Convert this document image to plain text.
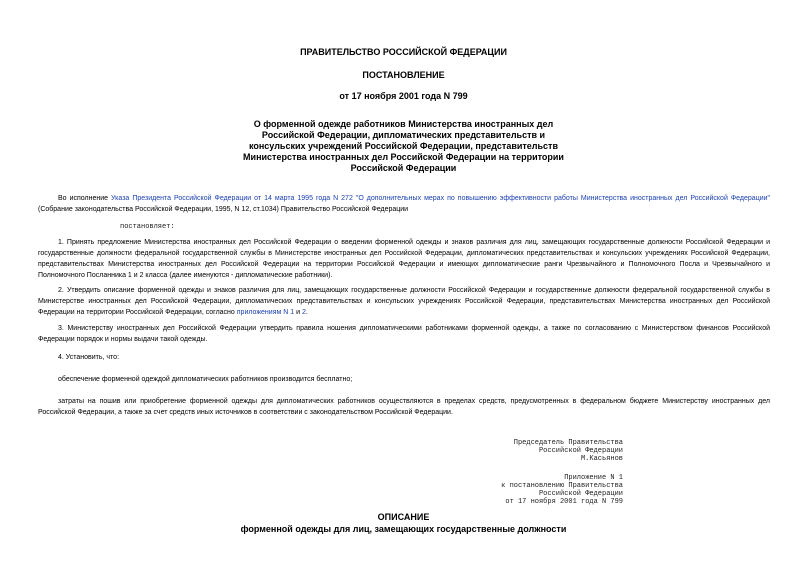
ПРАВИТЕЛЬСТВО РОССИЙСКОЙ ФЕДЕРАЦИИ
ПОСТАНОВЛЕНИЕ
от 17 ноября 2001 года N 799
О форменной одежде работников Министерства иностранных дел
Российской Федерации, дипломатических представительств и
консульских учреждений Российской Федерации, представительств
Министерства иностранных дел Российской Федерации на территории
Российской Федерации
Во исполнение Указа Президента Российской Федерации от 14 марта 1995 года N 272 "О дополнительных мерах по повышению эффективности работы Министерства иностранных дел Российской Федерации" (Собрание законодательства Российской Федерации, 1995, N 12, ст.1034) Правительство Российской Федерации
постановляет:
1. Принять предложение Министерства иностранных дел Российской Федерации о введении форменной одежды и знаков различия для лиц, замещающих государственные должности Российской Федерации и государственные должности федеральной государственной службы в Министерстве иностранных дел Российской Федерации, дипломатических представительствах и консульских учреждениях Российской Федерации, представительствах Министерства иностранных дел Российской Федерации на территории Российской Федерации и имеющих дипломатические ранги Чрезвычайного и Полномочного Посла и Чрезвычайного и Полномочного Посланника 1 и 2 класса (далее именуются - дипломатические работники).
2. Утвердить описание форменной одежды и знаков различия для лиц, замещающих государственные должности Российской Федерации и государственные должности федеральной государственной службы в Министерстве иностранных дел Российской Федерации, дипломатических представительствах и консульских учреждениях Российской Федерации, представительствах Министерства иностранных дел Российской Федерации на территории Российской Федерации, согласно приложениям N 1 и 2.
3. Министерству иностранных дел Российской Федерации утвердить правила ношения дипломатическими работниками форменной одежды, а также по согласованию с Министерством финансов Российской Федерации порядок и нормы выдачи такой одежды.
4. Установить, что:
обеспечение форменной одеждой дипломатических работников производится бесплатно;
затраты на пошив или приобретение форменной одежды для дипломатических работников осуществляются в пределах средств, предусмотренных в федеральном бюджете Министерству иностранных дел Российской Федерации, а также за счет средств иных источников в соответствии с законодательством Российской Федерации.
Председатель Правительства
Российской Федерации
М.Касьянов
Приложение N 1
к постановлению Правительства
Российской Федерации
от 17 ноября 2001 года N 799
ОПИСАНИЕ
форменной одежды для лиц, замещающих государственные должности
